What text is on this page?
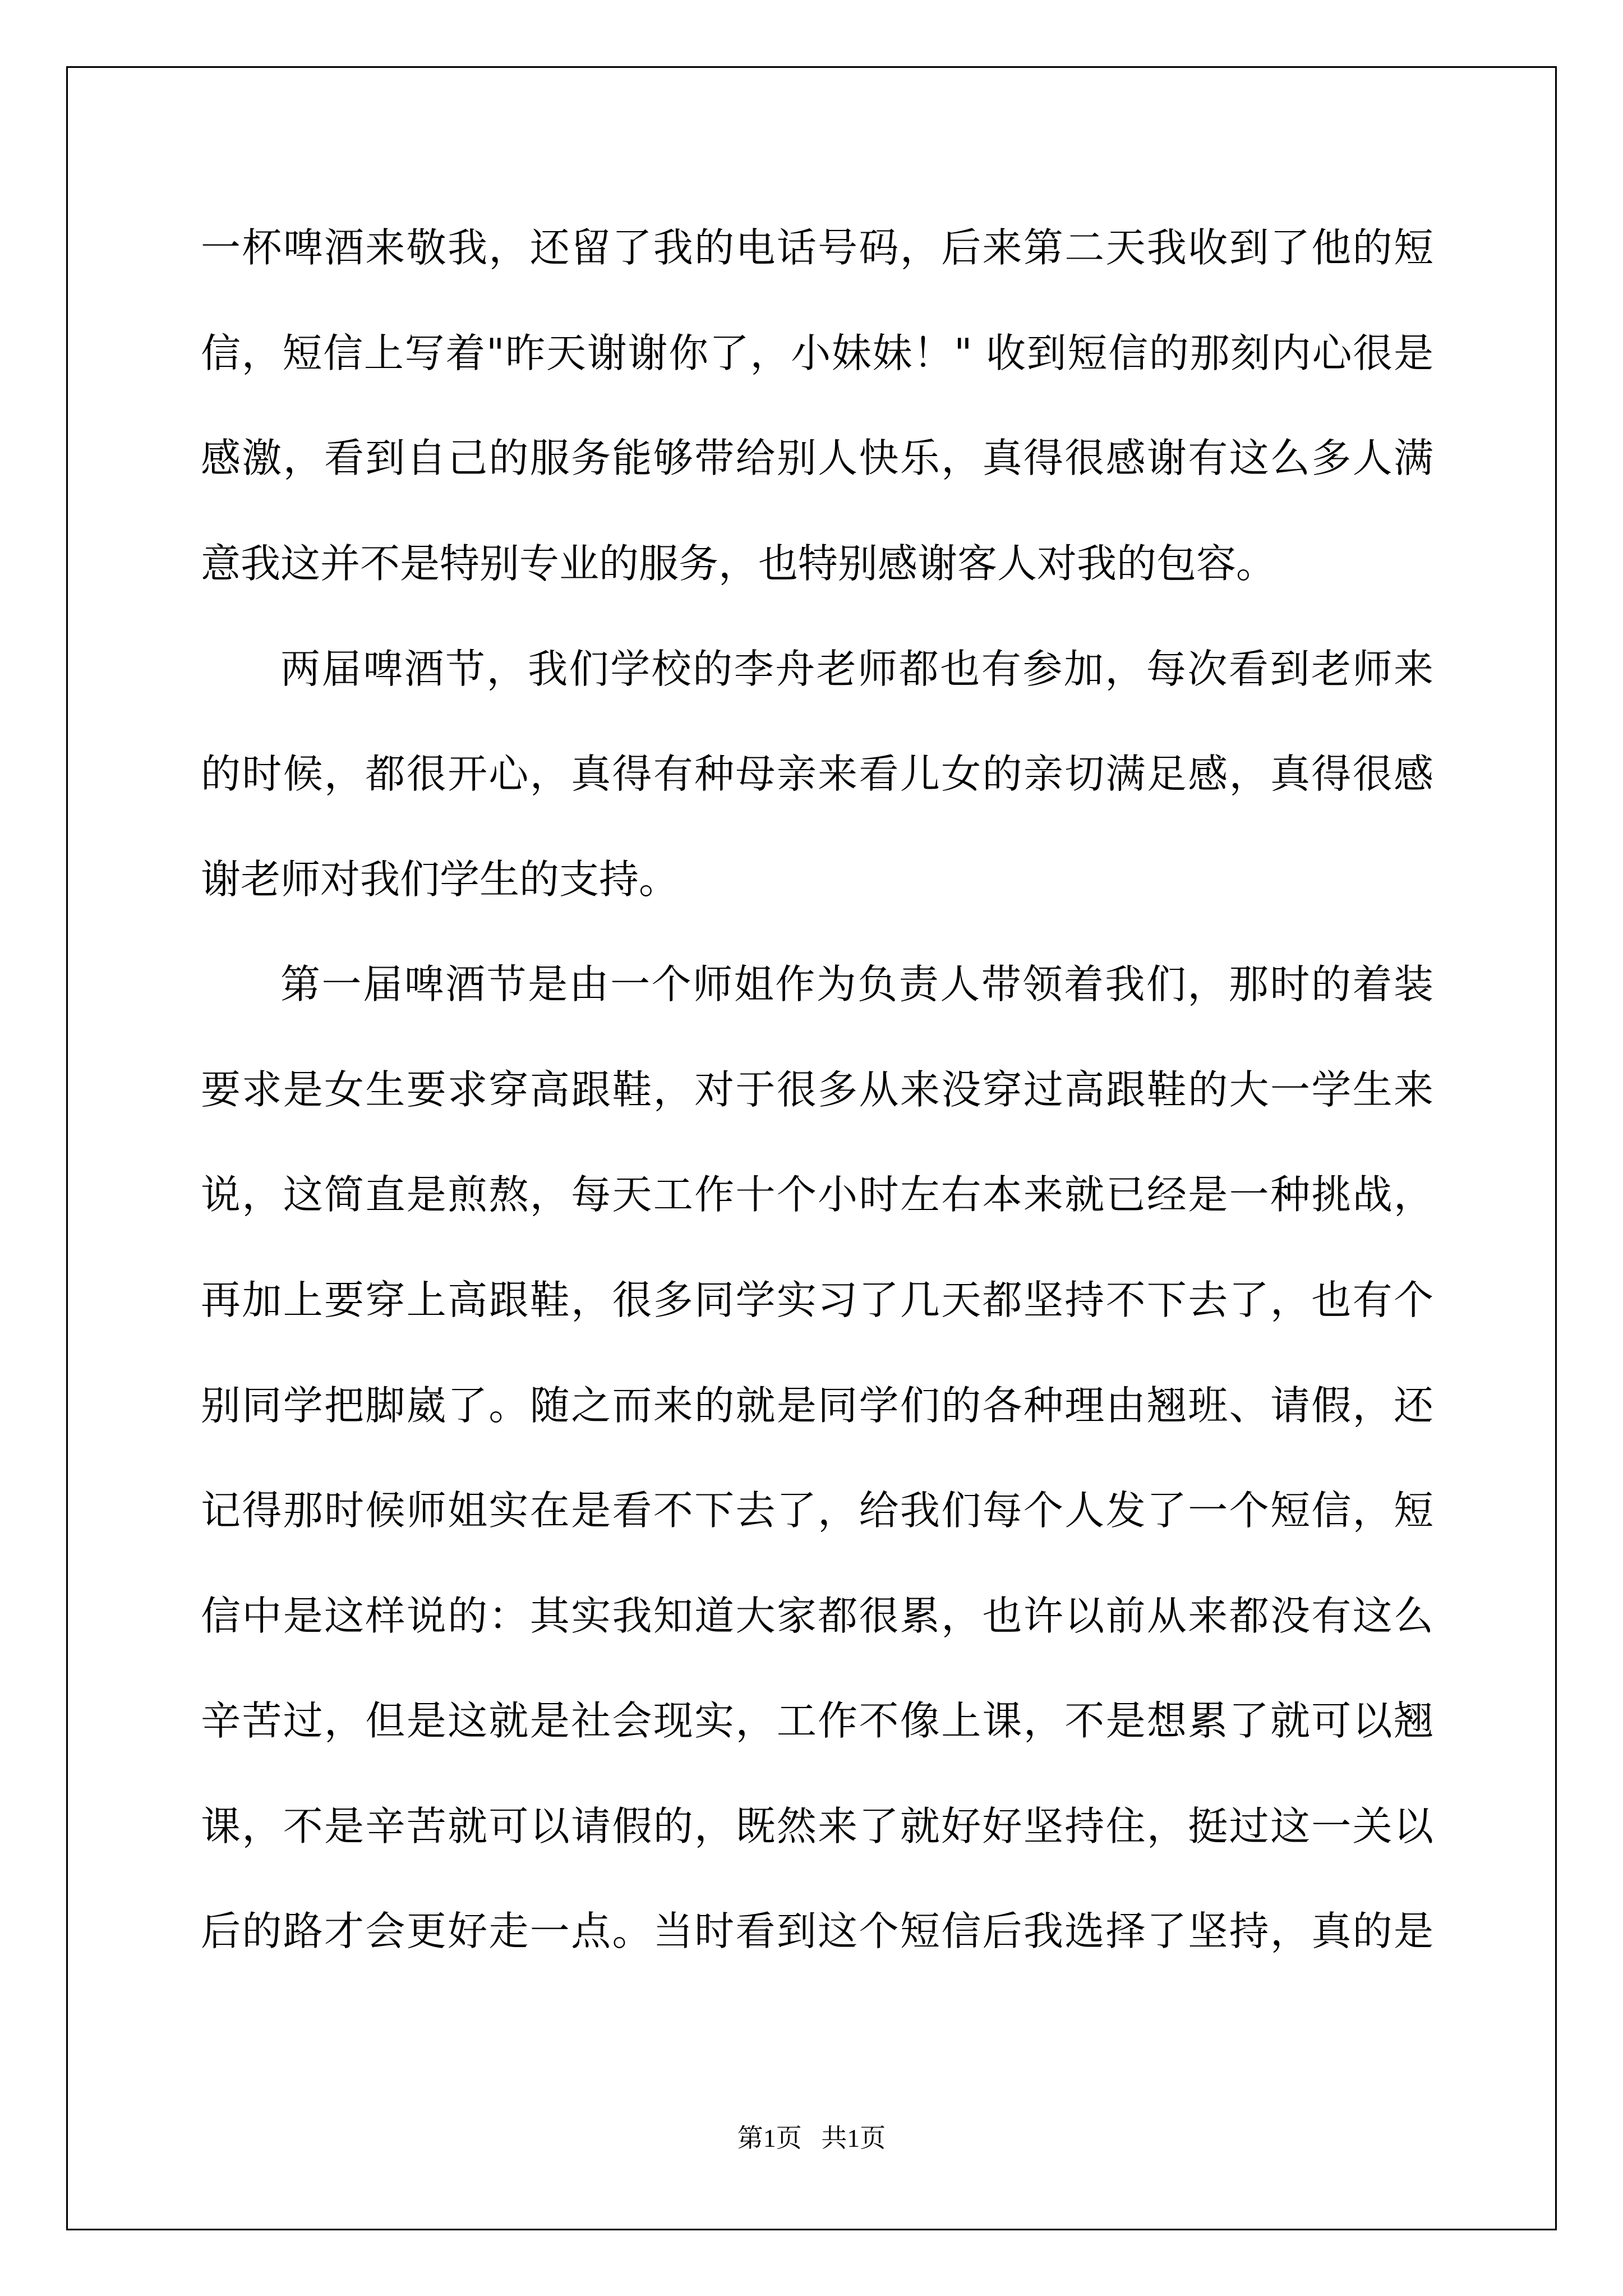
一杯啤酒来敬我，还留了我的电话号码，后来第二天我收到了他的短
信，短信上写着"昨天谢谢你了，小妹妹！" 收到短信的那刻内心很是
感激，看到自己的服务能够带给别人快乐，真得很感谢有这么多人满
意我这并不是特别专业的服务，也特别感谢客人对我的包容。
两届啤酒节，我们学校的李舟老师都也有参加，每次看到老师来
的时候，都很开心，真得有种母亲来看儿女的亲切满足感，真得很感
谢老师对我们学生的支持。
第一届啤酒节是由一个师姐作为负责人带领着我们，那时的着装
要求是女生要求穿高跟鞋，对于很多从来没穿过高跟鞋的大一学生来
说，这简直是煎熬，每天工作十个小时左右本来就已经是一种挑战，
再加上要穿上高跟鞋，很多同学实习了几天都坚持不下去了，也有个
别同学把脚崴了。随之而来的就是同学们的各种理由翘班、请假，还
记得那时候师姐实在是看不下去了，给我们每个人发了一个短信，短
信中是这样说的：其实我知道大家都很累，也许以前从来都没有这么
辛苦过，但是这就是社会现实，工作不像上课，不是想累了就可以翘
课，不是辛苦就可以请假的，既然来了就好好坚持住，挺过这一关以
后的路才会更好走一点。当时看到这个短信后我选择了坚持，真的是
第1页 共1页
